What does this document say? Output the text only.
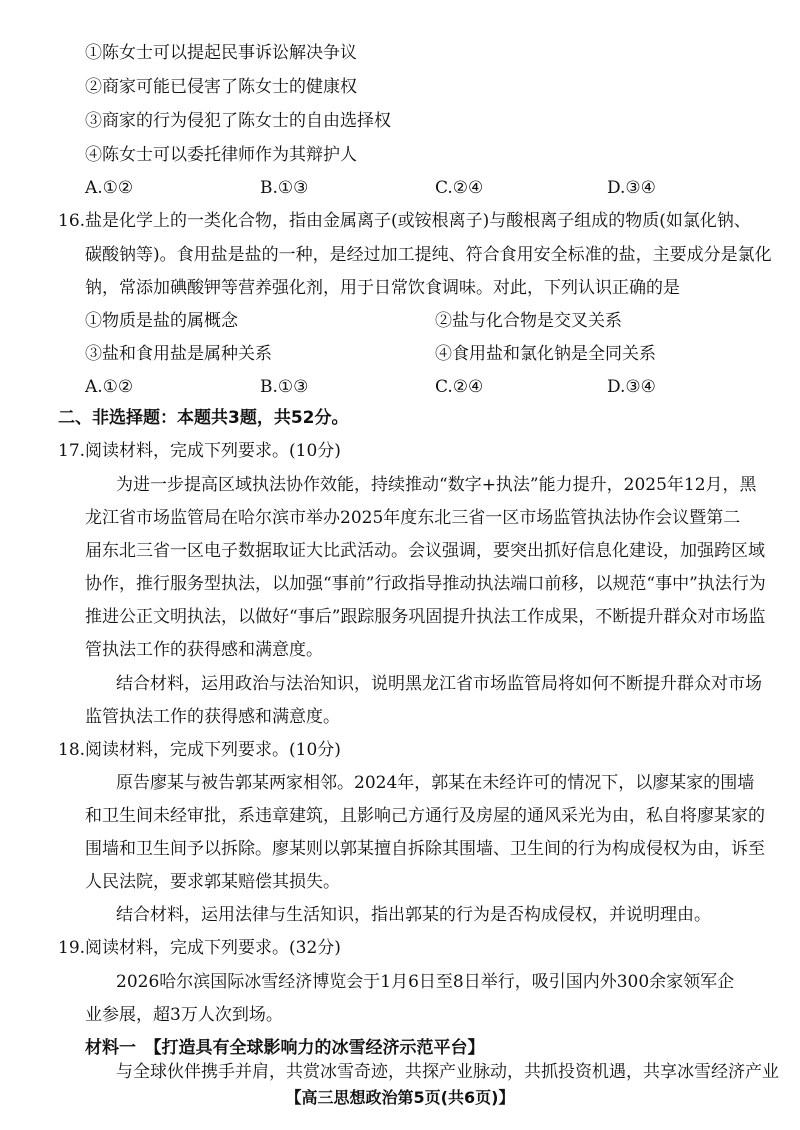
①陈女士可以提起民事诉讼解决争议
②商家可能已侵害了陈女士的健康权
③商家的行为侵犯了陈女士的自由选择权
④陈女士可以委托律师作为其辩护人
A.①②	B.①③	C.②④	D.③④
16.盐是化学上的一类化合物，指由金属离子(或铵根离子)与酸根离子组成的物质(如氯化钠、
碳酸钠等)。食用盐是盐的一种，是经过加工提纯、符合食用安全标准的盐，主要成分是氯化
钠，常添加碘酸钾等营养强化剂，用于日常饮食调味。对此，下列认识正确的是
①物质是盐的属概念	②盐与化合物是交叉关系
③盐和食用盐是属种关系	④食用盐和氯化钠是全同关系
A.①②	B.①③	C.②④	D.③④
二、非选择题：本题共3题，共52分。
17.阅读材料，完成下列要求。(10分)
为进一步提高区域执法协作效能，持续推动“数字+执法”能力提升，2025年12月，黑
龙江省市场监管局在哈尔滨市举办2025年度东北三省一区市场监管执法协作会议暨第二
届东北三省一区电子数据取证大比武活动。会议强调，要突出抓好信息化建设，加强跨区域
协作，推行服务型执法，以加强“事前”行政指导推动执法端口前移，以规范“事中”执法行为
推进公正文明执法，以做好“事后”跟踪服务巩固提升执法工作成果，不断提升群众对市场监
管执法工作的获得感和满意度。
结合材料，运用政治与法治知识，说明黑龙江省市场监管局将如何不断提升群众对市场
监管执法工作的获得感和满意度。
18.阅读材料，完成下列要求。(10分)
原告廖某与被告郭某两家相邻。2024年，郭某在未经许可的情况下，以廖某家的围墙
和卫生间未经审批，系违章建筑，且影响己方通行及房屋的通风采光为由，私自将廖某家的
围墙和卫生间予以拆除。廖某则以郭某擅自拆除其围墙、卫生间的行为构成侵权为由，诉至
人民法院，要求郭某赔偿其损失。
结合材料，运用法律与生活知识，指出郭某的行为是否构成侵权，并说明理由。
19.阅读材料，完成下列要求。(32分)
2026哈尔滨国际冰雪经济博览会于1月6日至8日举行，吸引国内外300余家领军企
业参展，超3万人次到场。
材料一　【打造具有全球影响力的冰雪经济示范平台】
与全球伙伴携手并肩，共赏冰雪奇迹，共探产业脉动，共抓投资机遇，共享冰雪经济产业
【高三思想政治第5页(共6页)】
